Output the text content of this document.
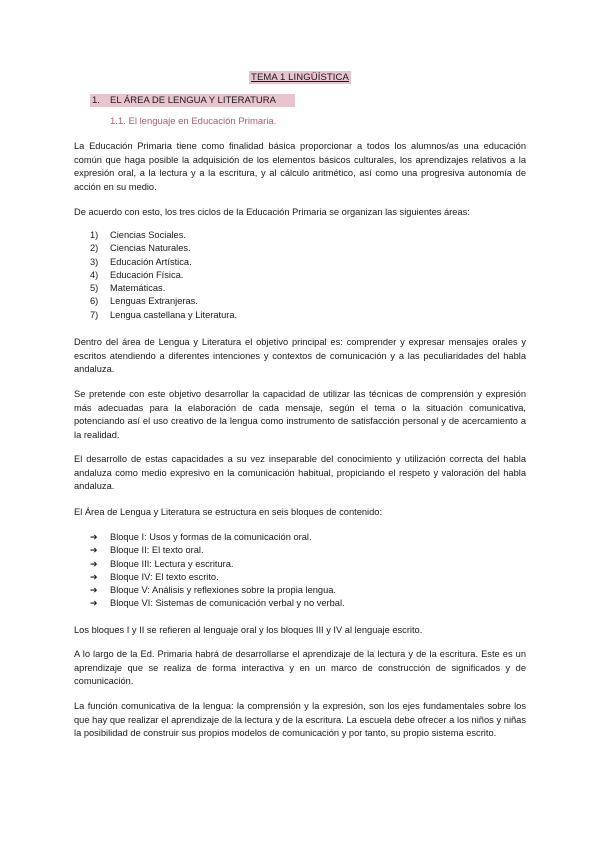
TEMA 1 LINGÜÍSTICA
1. EL ÁREA DE LENGUA Y LITERATURA
1.1. El lenguaje en Educación Primaria.

La Educación Primaria tiene como finalidad básica proporcionar a todos los alumnos/as una educación común que haga posible la adquisición de los elementos básicos culturales, los aprendizajes relativos a la expresión oral, a la lectura y a la escritura, y al cálculo aritmético, así como una progresiva autonomía de acción en su medio.

De acuerdo con esto, los tres ciclos de la Educación Primaria se organizan las siguientes áreas:

1) Ciencias Sociales.
2) Ciencias Naturales.
3) Educación Artística.
4) Educación Física.
5) Matemáticas.
6) Lenguas Extranjeras.
7) Lengua castellana y Literatura.

Dentro del área de Lengua y Literatura el objetivo principal es: comprender y expresar mensajes orales y escritos atendiendo a diferentes intenciones y contextos de comunicación y a las peculiaridades del habla andaluza.

Se pretende con este objetivo desarrollar la capacidad de utilizar las técnicas de comprensión y expresión más adecuadas para la elaboración de cada mensaje, según el tema o la situación comunicativa, potenciando así el uso creativo de la lengua como instrumento de satisfacción personal y de acercamiento a la realidad.

El desarrollo de estas capacidades a su vez inseparable del conocimiento y utilización correcta del habla andaluza como medio expresivo en la comunicación habitual, propiciando el respeto y valoración del habla andaluza.

El Área de Lengua y Literatura se estructura en seis bloques de contenido:

➔ Bloque I: Usos y formas de la comunicación oral.
➔ Bloque II: El texto oral.
➔ Bloque III: Lectura y escritura.
➔ Bloque IV: El texto escrito.
➔ Bloque V: Análisis y reflexiones sobre la propia lengua.
➔ Bloque VI: Sistemas de comunicación verbal y no verbal.

Los bloques I y II se refieren al lenguaje oral y los bloques III y IV al lenguaje escrito.

A lo largo de la Ed. Primaria habrá de desarrollarse el aprendizaje de la lectura y de la escritura. Este es un aprendizaje que se realiza de forma interactiva y en un marco de construcción de significados y de comunicación.

La función comunicativa de la lengua: la comprensión y la expresión, son los ejes fundamentales sobre los que hay que realizar el aprendizaje de la lectura y de la escritura. La escuela debe ofrecer a los niños y niñas la posibilidad de construir sus propios modelos de comunicación y por tanto, su propio sistema escrito.
